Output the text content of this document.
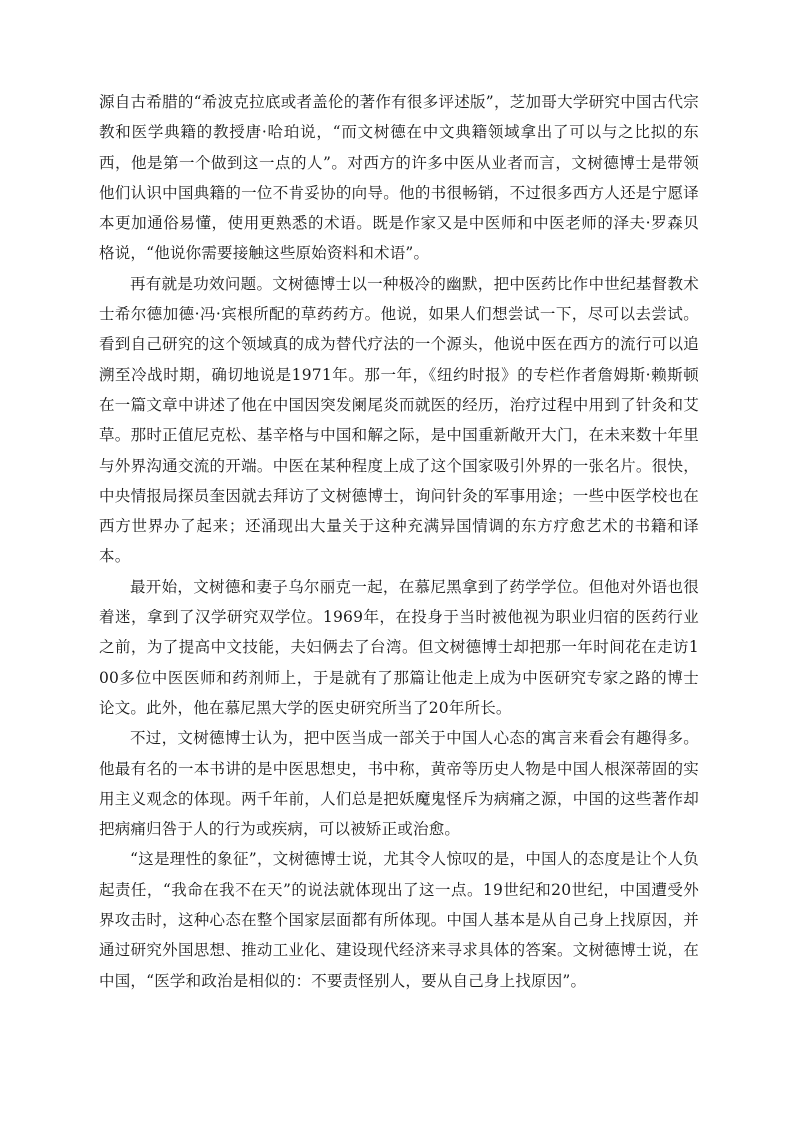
源自古希腊的“希波克拉底或者盖伦的著作有很多评述版”，芝加哥大学研究中国古代宗教和医学典籍的教授唐·哈珀说，“而文树德在中文典籍领域拿出了可以与之比拟的东西，他是第一个做到这一点的人”。对西方的许多中医从业者而言，文树德博士是带领他们认识中国典籍的一位不肯妥协的向导。他的书很畅销，不过很多西方人还是宁愿译本更加通俗易懂，使用更熟悉的术语。既是作家又是中医师和中医老师的泽夫·罗森贝格说，“他说你需要接触这些原始资料和术语”。

再有就是功效问题。文树德博士以一种极冷的幽默，把中医药比作中世纪基督教术士希尔德加德·冯·宾根所配的草药药方。他说，如果人们想尝试一下，尽可以去尝试。看到自己研究的这个领域真的成为替代疗法的一个源头，他说中医在西方的流行可以追溯至冷战时期，确切地说是1971年。那一年，《纽约时报》的专栏作者詹姆斯·赖斯顿在一篇文章中讲述了他在中国因突发阑尾炎而就医的经历，治疗过程中用到了针灸和艾草。那时正值尼克松、基辛格与中国和解之际，是中国重新敞开大门，在未来数十年里与外界沟通交流的开端。中医在某种程度上成了这个国家吸引外界的一张名片。很快，中央情报局探员奎因就去拜访了文树德博士，询问针灸的军事用途；一些中医学校也在西方世界办了起来；还涌现出大量关于这种充满异国情调的东方疗愈艺术的书籍和译本。

最开始，文树德和妻子乌尔丽克一起，在慕尼黑拿到了药学学位。但他对外语也很着迷，拿到了汉学研究双学位。1969年，在投身于当时被他视为职业归宿的医药行业之前，为了提高中文技能，夫妇俩去了台湾。但文树德博士却把那一年时间花在走访100多位中医医师和药剂师上，于是就有了那篇让他走上成为中医研究专家之路的博士论文。此外，他在慕尼黑大学的医史研究所当了20年所长。

不过，文树德博士认为，把中医当成一部关于中国人心态的寓言来看会有趣得多。他最有名的一本书讲的是中医思想史，书中称，黄帝等历史人物是中国人根深蒂固的实用主义观念的体现。两千年前，人们总是把妖魔鬼怪斥为病痛之源，中国的这些著作却把病痛归咎于人的行为或疾病，可以被矫正或治愈。

“这是理性的象征”，文树德博士说，尤其令人惊叹的是，中国人的态度是让个人负起责任，“我命在我不在天”的说法就体现出了这一点。19世纪和20世纪，中国遭受外界攻击时，这种心态在整个国家层面都有所体现。中国人基本是从自己身上找原因，并通过研究外国思想、推动工业化、建设现代经济来寻求具体的答案。文树德博士说，在中国，“医学和政治是相似的：不要责怪别人，要从自己身上找原因”。
